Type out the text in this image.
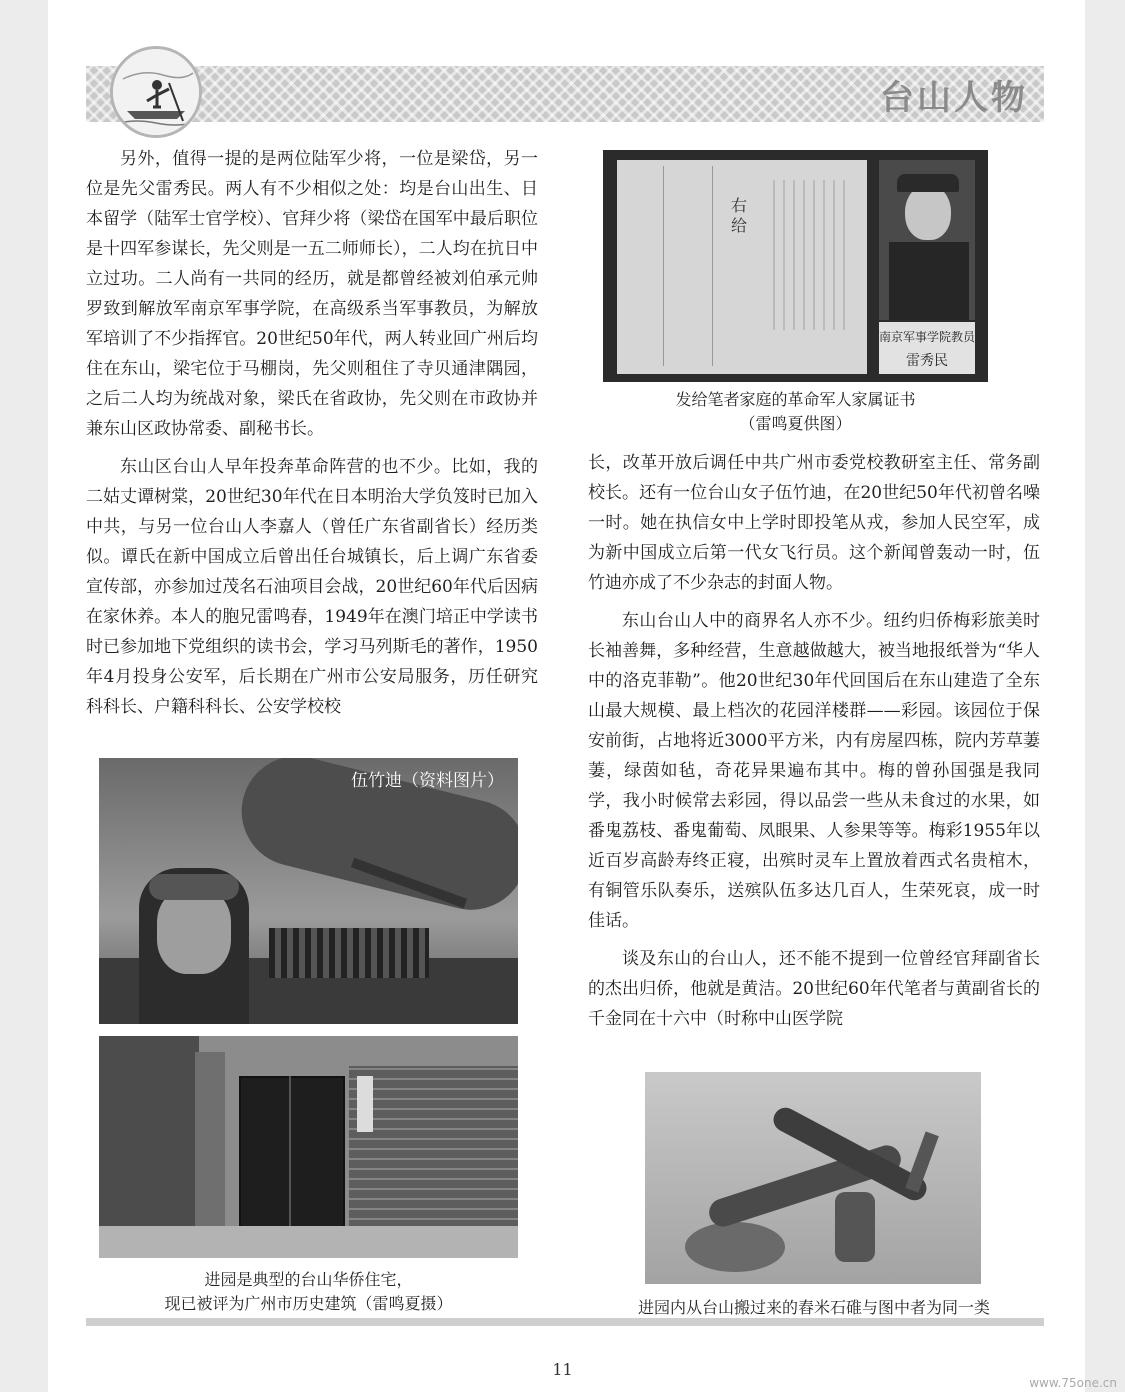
台山人物

另外，值得一提的是两位陆军少将，一位是梁岱，另一位是先父雷秀民。两人有不少相似之处：均是台山出生、日本留学（陆军士官学校）、官拜少将（梁岱在国军中最后职位是十四军参谋长，先父则是一五二师师长），二人均在抗日中立过功。二人尚有一共同的经历，就是都曾经被刘伯承元帅罗致到解放军南京军事学院，在高级系当军事教员，为解放军培训了不少指挥官。20世纪50年代，两人转业回广州后均住在东山，梁宅位于马棚岗，先父则租住了寺贝通津隅园，之后二人均为统战对象，梁氏在省政协，先父则在市政协并兼东山区政协常委、副秘书长。

东山区台山人早年投奔革命阵营的也不少。比如，我的二姑丈谭树棠，20世纪30年代在日本明治大学负笈时已加入中共，与另一位台山人李嘉人（曾任广东省副省长）经历类似。谭氏在新中国成立后曾出任台城镇长，后上调广东省委宣传部，亦参加过茂名石油项目会战，20世纪60年代后因病在家休养。本人的胞兄雷鸣春，1949年在澳门培正中学读书时已参加地下党组织的读书会，学习马列斯毛的著作，1950年4月投身公安军，后长期在广州市公安局服务，历任研究科科长、户籍科科长、公安学校校

右给
南京军事学院教员
雷秀民
发给笔者家庭的革命军人家属证书
（雷鸣夏供图）

长，改革开放后调任中共广州市委党校教研室主任、常务副校长。还有一位台山女子伍竹迪，在20世纪50年代初曾名噪一时。她在执信女中上学时即投笔从戎，参加人民空军，成为新中国成立后第一代女飞行员。这个新闻曾轰动一时，伍竹迪亦成了不少杂志的封面人物。

东山台山人中的商界名人亦不少。纽约归侨梅彩旅美时长袖善舞，多种经营，生意越做越大，被当地报纸誉为“华人中的洛克菲勒”。他20世纪30年代回国后在东山建造了全东山最大规模、最上档次的花园洋楼群——彩园。该园位于保安前街，占地将近3000平方米，内有房屋四栋，院内芳草萋萋，绿茵如毡，奇花异果遍布其中。梅的曾孙国强是我同学，我小时候常去彩园，得以品尝一些从未食过的水果，如番鬼荔枝、番鬼葡萄、凤眼果、人参果等等。梅彩1955年以近百岁高龄寿终正寝，出殡时灵车上置放着西式名贵棺木，有铜管乐队奏乐，送殡队伍多达几百人，生荣死哀，成一时佳话。

谈及东山的台山人，还不能不提到一位曾经官拜副省长的杰出归侨，他就是黄洁。20世纪60年代笔者与黄副省长的千金同在十六中（时称中山医学院

伍竹迪（资料图片）
进园是典型的台山华侨住宅，
现已被评为广州市历史建筑（雷鸣夏摄）	进园内从台山搬过来的舂米石碓与图中者为同一类
11
www.75one.cn
